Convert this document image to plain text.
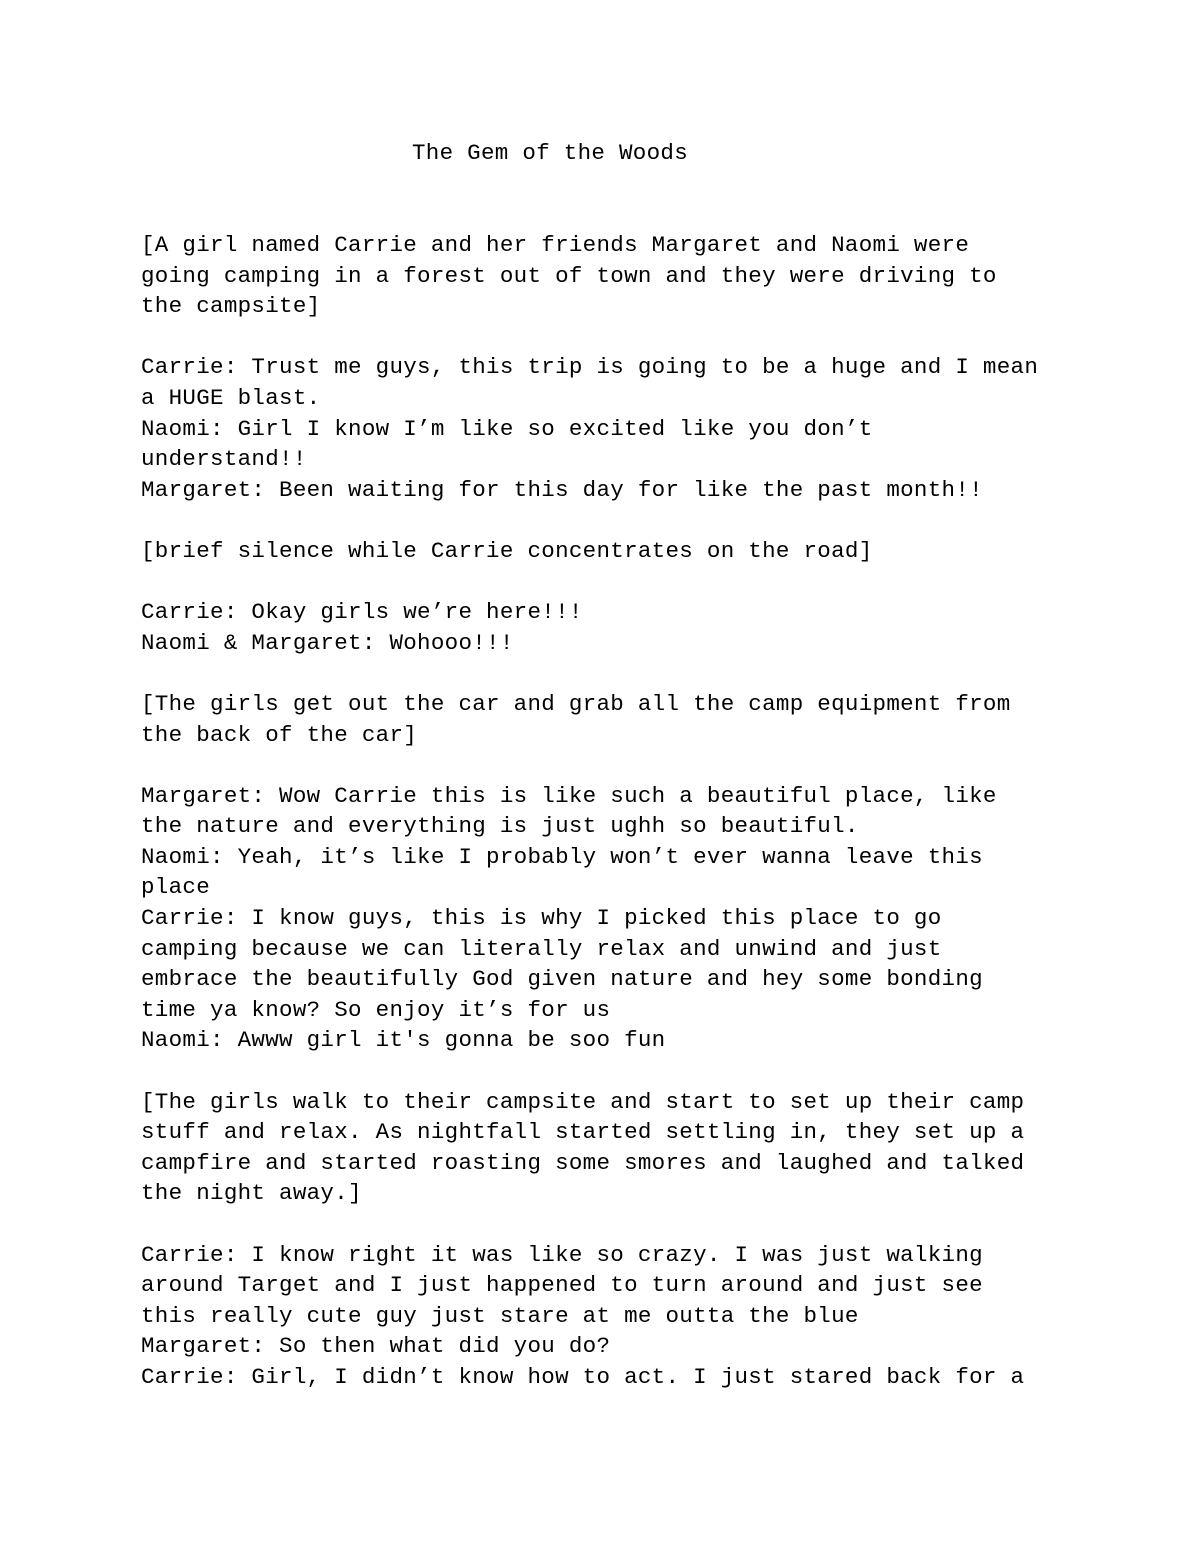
The Gem of the Woods
[A girl named Carrie and her friends Margaret and Naomi were
going camping in a forest out of town and they were driving to
the campsite]
Carrie: Trust me guys, this trip is going to be a huge and I mean
a HUGE blast.
Naomi: Girl I know I’m like so excited like you don’t
understand!!
Margaret: Been waiting for this day for like the past month!!
[brief silence while Carrie concentrates on the road]
Carrie: Okay girls we’re here!!!
Naomi & Margaret: Wohooo!!!
[The girls get out the car and grab all the camp equipment from
the back of the car]
Margaret: Wow Carrie this is like such a beautiful place, like
the nature and everything is just ughh so beautiful.
Naomi: Yeah, it’s like I probably won’t ever wanna leave this
place
Carrie: I know guys, this is why I picked this place to go
camping because we can literally relax and unwind and just
embrace the beautifully God given nature and hey some bonding
time ya know? So enjoy it’s for us
Naomi: Awww girl it's gonna be soo fun
[The girls walk to their campsite and start to set up their camp
stuff and relax. As nightfall started settling in, they set up a
campfire and started roasting some smores and laughed and talked
the night away.]
Carrie: I know right it was like so crazy. I was just walking
around Target and I just happened to turn around and just see
this really cute guy just stare at me outta the blue
Margaret: So then what did you do?
Carrie: Girl, I didn’t know how to act. I just stared back for a
